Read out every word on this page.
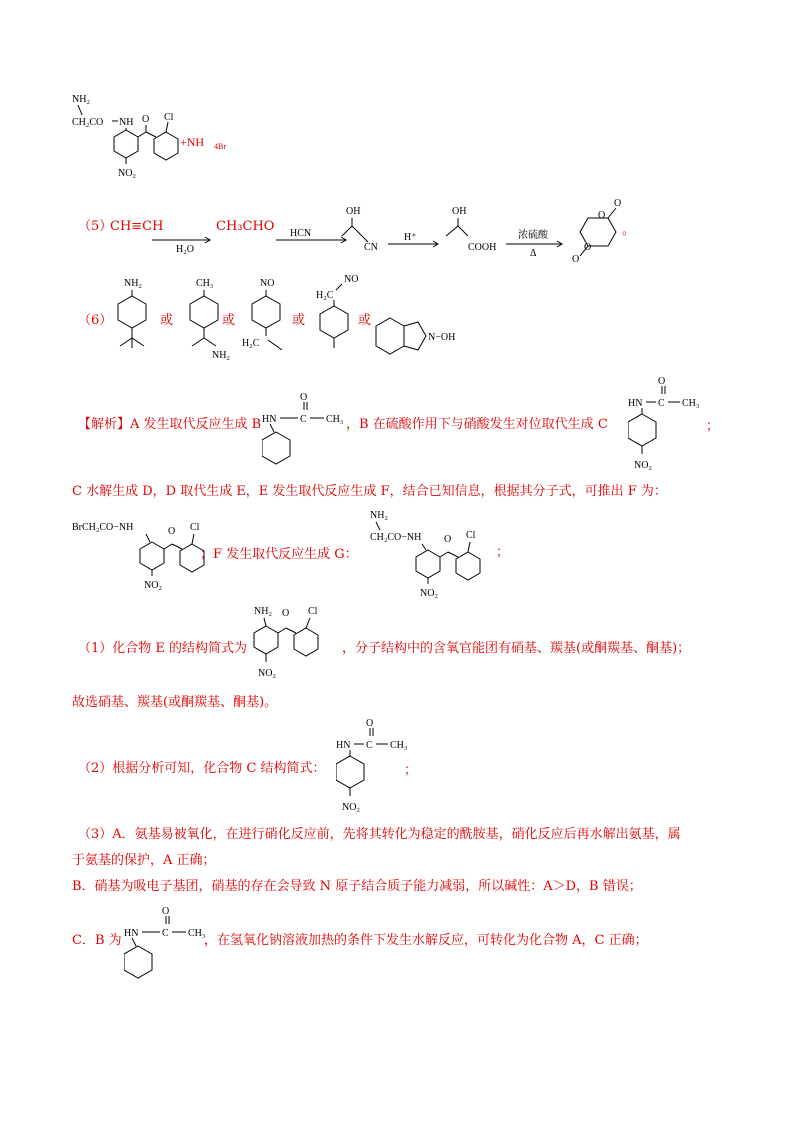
NH₂
CH₂CO NH O Cl
NO₂
+NH 4Br
（5）
CH≡CH
H₂O
HCN
CH₃CHO
OH
CN
H⁺
OH
COOH
浓硫酸
Δ
O
O
O
O
。
（6）
NH₂
或
CH₃
NH₂
或
NO
H₂C
或
NO
H₂C
或
N−OH
【解析】A 发生取代反应生成 B
O
HN C CH₃ ，B 在硫酸作用下与硝酸发生对位取代生成 C
O
HN C CH₃
NO₂
；
C 水解生成 D，D 取代生成 E，E 发生取代反应生成 F，结合已知信息，根据其分子式，可推出 F 为：
BrCH₂CO−NH	O Cl
NO₂
；F 发生取代反应生成 G：
NH₂
CH₂CO−NH O Cl
NO₂
；
（1）化合物 E 的结构简式为
NH₂ O Cl
NO₂
，分子结构中的含氧官能团有硝基、羰基(或酮羰基、酮基)；
故选硝基、羰基(或酮羰基、酮基)。
（2）根据分析可知，化合物 C 结构简式：
O
HN C CH₃
NO₂
；
（3）A．氨基易被氧化，在进行硝化反应前，先将其转化为稳定的酰胺基，硝化反应后再水解出氨基，属
于氨基的保护，A 正确；
B．硝基为吸电子基团，硝基的存在会导致 N 原子结合质子能力减弱，所以碱性：A＞D，B 错误；
C．B 为
O
HN C CH₃
，在氢氧化钠溶液加热的条件下发生水解反应，可转化为化合物 A，C 正确；
